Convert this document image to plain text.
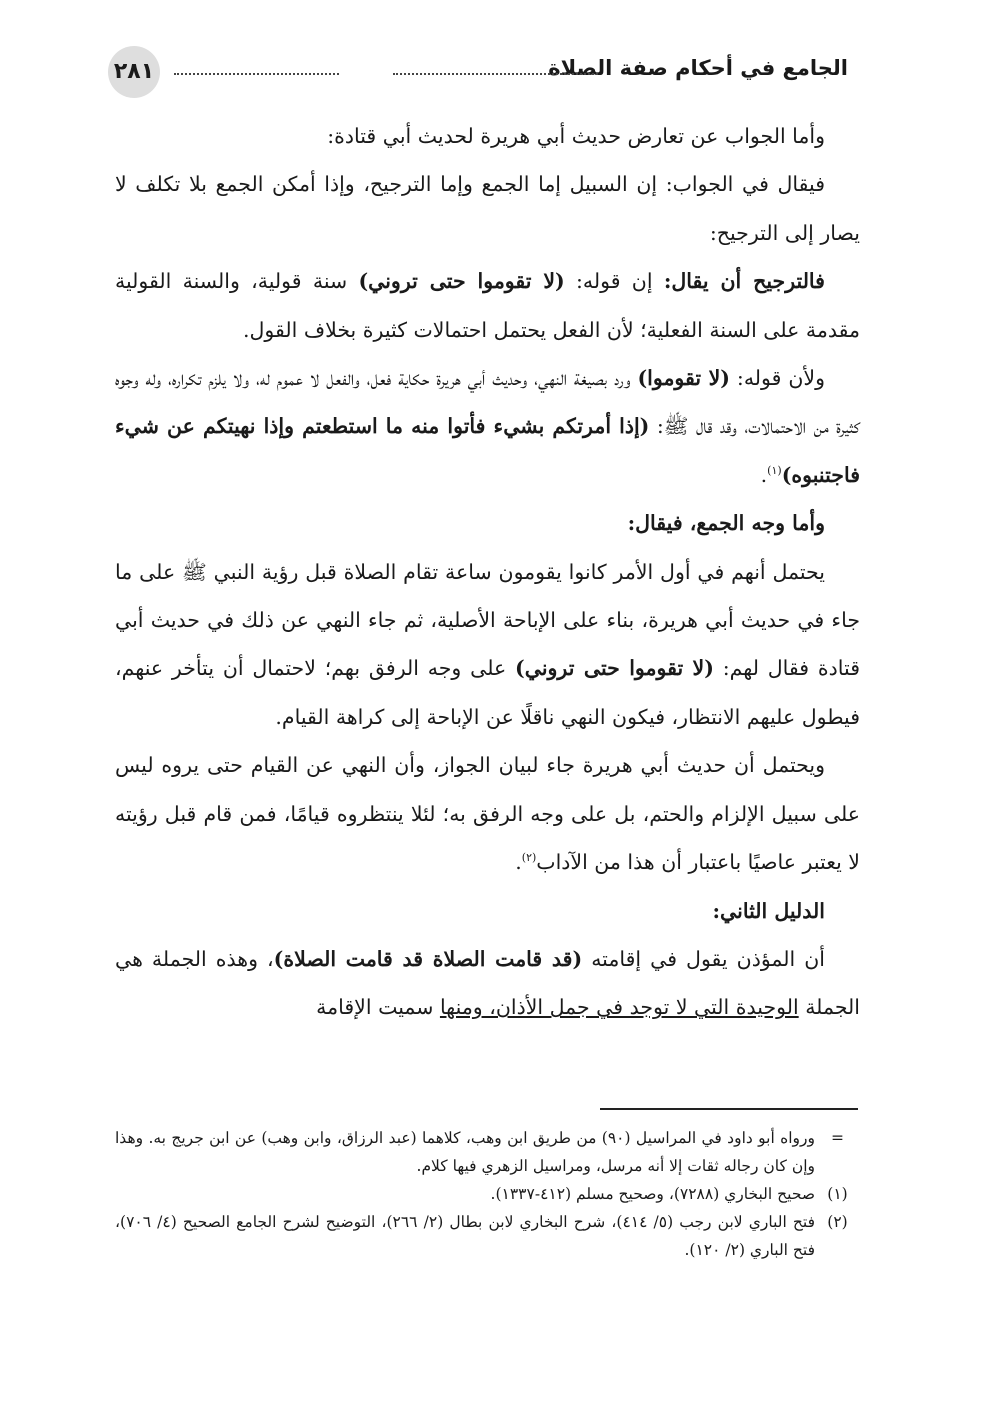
الجامع في أحكام صفة الصلاة
٢٨١

وأما الجواب عن تعارض حديث أبي هريرة لحديث أبي قتادة:

فيقال في الجواب: إن السبيل إما الجمع وإما الترجيح، وإذا أمكن الجمع بلا تكلف لا يصار إلى الترجيح:

فالترجيح أن يقال: إن قوله: (لا تقوموا حتى تروني) سنة قولية، والسنة القولية مقدمة على السنة الفعلية؛ لأن الفعل يحتمل احتمالات كثيرة بخلاف القول.

ولأن قوله: (لا تقوموا) ورد بصيغة النهي، وحديث أبي هريرة حكاية فعل، والفعل لا عموم له، ولا يلزم تكراره، وله وجوه كثيرة من الاحتمالات، وقد قال ﷺ: (إذا أمرتكم بشيء فأتوا منه ما استطعتم وإذا نهيتكم عن شيء فاجتنبوه)$^{(١)}$.

وأما وجه الجمع، فيقال:

يحتمل أنهم في أول الأمر كانوا يقومون ساعة تقام الصلاة قبل رؤية النبي ﷺ على ما جاء في حديث أبي هريرة، بناء على الإباحة الأصلية، ثم جاء النهي عن ذلك في حديث أبي قتادة فقال لهم: (لا تقوموا حتى تروني) على وجه الرفق بهم؛ لاحتمال أن يتأخر عنهم، فيطول عليهم الانتظار، فيكون النهي ناقلًا عن الإباحة إلى كراهة القيام.

ويحتمل أن حديث أبي هريرة جاء لبيان الجواز، وأن النهي عن القيام حتى يروه ليس على سبيل الإلزام والحتم، بل على وجه الرفق به؛ لئلا ينتظروه قيامًا، فمن قام قبل رؤيته لا يعتبر عاصيًا باعتبار أن هذا من الآداب$^{(٢)}$.

الدليل الثاني:

أن المؤذن يقول في إقامته (قد قامت الصلاة قد قامت الصلاة)، وهذه الجملة هي الجملة الوحيدة التي لا توجد في جمل الأذان، ومنها سميت الإقامة

=
ورواه أبو داود في المراسيل (٩٠) من طريق ابن وهب، كلاهما (عبد الرزاق، وابن وهب) عن ابن جريج به. وهذا وإن كان رجاله ثقات إلا أنه مرسل، ومراسيل الزهري فيها كلام.
(١)
صحيح البخاري (٧٢٨٨)، وصحيح مسلم (٤١٢-١٣٣٧).
(٢)
فتح الباري لابن رجب (٥/ ٤١٤)، شرح البخاري لابن بطال (٢/ ٢٦٦)، التوضيح لشرح الجامع الصحيح (٤/ ٧٠٦)، فتح الباري (٢/ ١٢٠).
